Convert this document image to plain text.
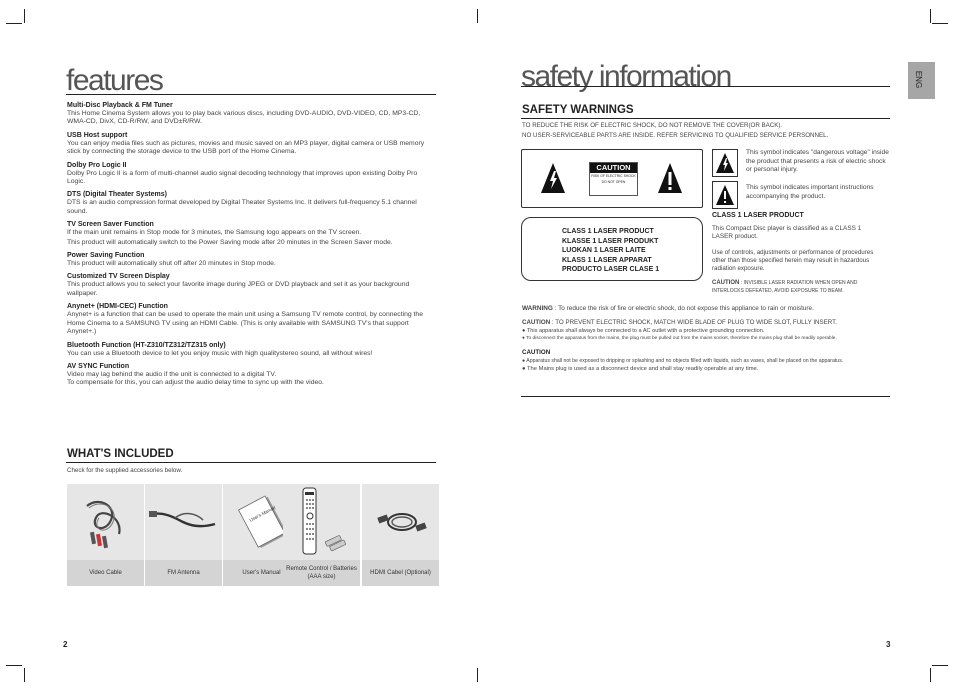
features

Multi-Disc Playback & FM Tuner

This Home Cinema System allows you to play back various discs, including DVD-AUDIO, DVD-VIDEO, CD, MP3-CD, WMA-CD, DivX, CD-R/RW, and DVD±R/RW.

USB Host support

You can enjoy media files such as pictures, movies and music saved on an MP3 player, digital camera or USB memory stick by connecting the storage device to the USB port of the Home Cinema.

Dolby Pro Logic II

Dolby Pro Logic II is a form of multi-channel audio signal decoding technology that improves upon existing Dolby Pro Logic.

DTS (Digital Theater Systems)

DTS is an audio compression format developed by Digital Theater Systems Inc. It delivers full-frequency 5.1 channel sound.

TV Screen Saver Function

If the main unit remains in Stop mode for 3 minutes, the Samsung logo appears on the TV screen.

This product will automatically switch to the Power Saving mode after 20 minutes in the Screen Saver mode.

Power Saving Function

This product will automatically shut off after 20 minutes in Stop mode.

Customized TV Screen Display

This product allows you to select your favorite image during JPEG or DVD playback and set it as your background wallpaper.

Anynet+ (HDMI-CEC) Function

Anynet+ is a function that can be used to operate the main unit using a Samsung TV remote control, by connecting the Home Cinema to a SAMSUNG TV using an HDMI Cable. (This is only available with SAMSUNG TV's that support Anynet+.)

Bluetooth Function (HT-Z310/TZ312/TZ315 only)

You can use a Bluetooth device to let you enjoy music with high qualitystereo sound, all without wires!

AV SYNC Function

Video may lag behind the audio if the unit is connected to a digital TV.

To compensate for this, you can adjust the audio delay time to sync up with the video.

WHAT'S INCLUDED
Check for the supplied accessories below.
Video Cable	FM Antenna
User's Manual
User's Manual
Remote Control / Batteries (AAA size)
HDMI Cabel (Optional)
2
safety information	ENG
SAFETY WARNINGS
TO REDUCE THE RISK OF ELECTRIC SHOCK, DO NOT REMOVE THE COVER(OR BACK).
NO USER-SERVICEABLE PARTS ARE INSIDE. REFER SERVICING TO QUALIFIED SERVICE PERSONNEL.
CAUTION
RISK OF ELECTRIC SHOCK
DO NOT OPEN
This symbol indicates "dangerous voltage" inside the product that presents a risk of electric shock or personal injury.
This symbol indicates important instructions accompanying the product.

CLASS 1 LASER PRODUCT

KLASSE 1 LASER PRODUKT

LUOKAN 1 LASER LAITE

KLASS 1 LASER APPARAT

PRODUCTO LASER CLASE 1

CLASS 1 LASER PRODUCT
This Compact Disc player is classified as a CLASS 1 LASER product.
Use of controls, adjustments or performance of procedures other than those specified herein may result in hazardous radiation exposure.
CAUTION : INVISIBLE LASER RADIATION WHEN OPEN AND INTERLOCKS DEFEATED, AVOID EXPOSURE TO BEAM.
WARNING : To reduce the risk of fire or electric shock, do not expose this appliance to rain or moisture.
CAUTION : TO PREVENT ELECTRIC SHOCK, MATCH WIDE BLADE OF PLUG TO WIDE SLOT, FULLY INSERT.
● This apparatus shall always be connected to a AC outlet with a protective grounding connection.
● To disconnect the apparatus from the mains, the plug must be pulled out from the mains socket, therefore the mains plug shall be readily operable.
CAUTION
● Apparatus shall not be exposed to dripping or splashing and no objects filled with liquids, such as vases, shall be placed on the apparatus.
● The Mains plug is used as a disconnect device and shall stay readily operable at any time.
3
